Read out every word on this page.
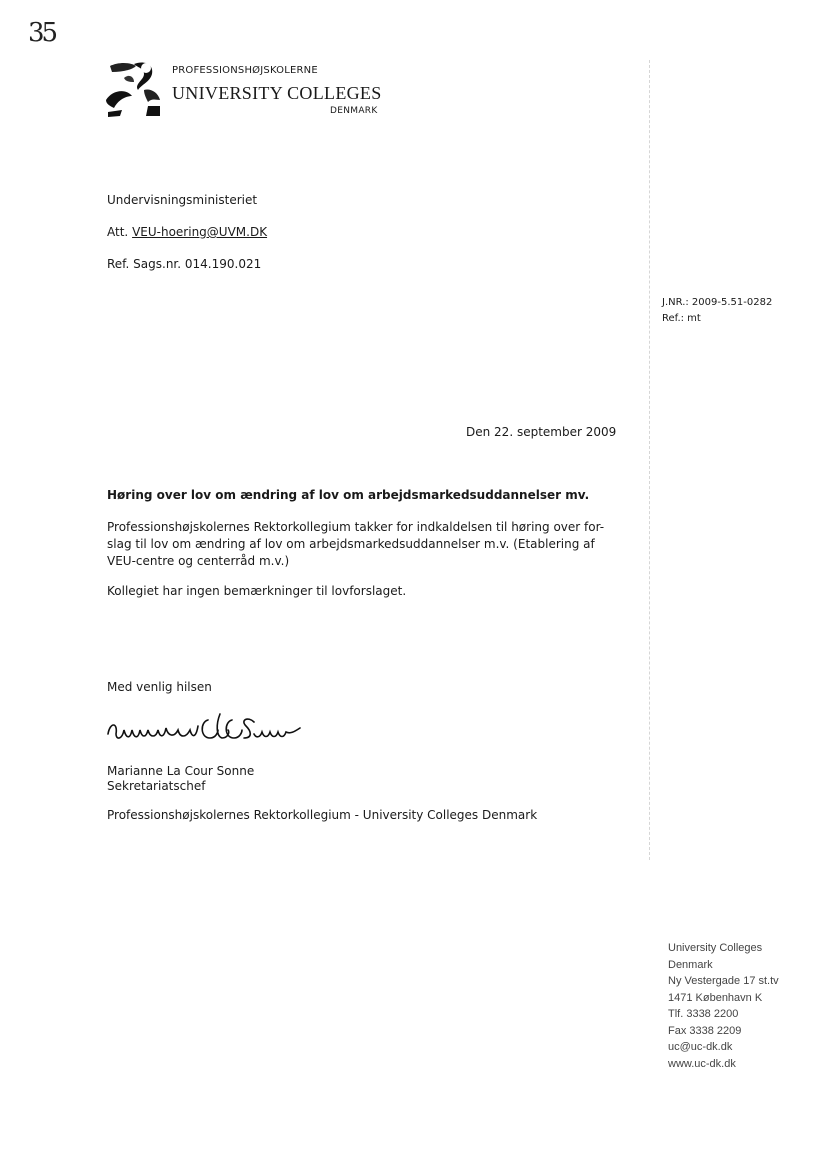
35
PROFESSIONSHØJSKOLERNE
UNIVERSITY COLLEGES
DENMARK
Undervisningsministeriet
Att. VEU-hoering@UVM.DK
Ref. Sags.nr. 014.190.021
J.NR.: 2009-5.51-0282
Ref.: mt
Den 22. september 2009
Høring over lov om ændring af lov om arbejdsmarkedsuddannelser mv.
Professionshøjskolernes Rektorkollegium takker for indkaldelsen til høring over for-
slag til lov om ændring af lov om arbejdsmarkedsuddannelser m.v. (Etablering af
VEU-centre og centerråd m.v.)
Kollegiet har ingen bemærkninger til lovforslaget.
Med venlig hilsen
Marianne La Cour Sonne
Sekretariatschef
Professionshøjskolernes Rektorkollegium - University Colleges Denmark
University Colleges
Denmark
Ny Vestergade 17 st.tv
1471 København K
Tlf. 3338 2200
Fax 3338 2209
uc@uc-dk.dk
www.uc-dk.dk
